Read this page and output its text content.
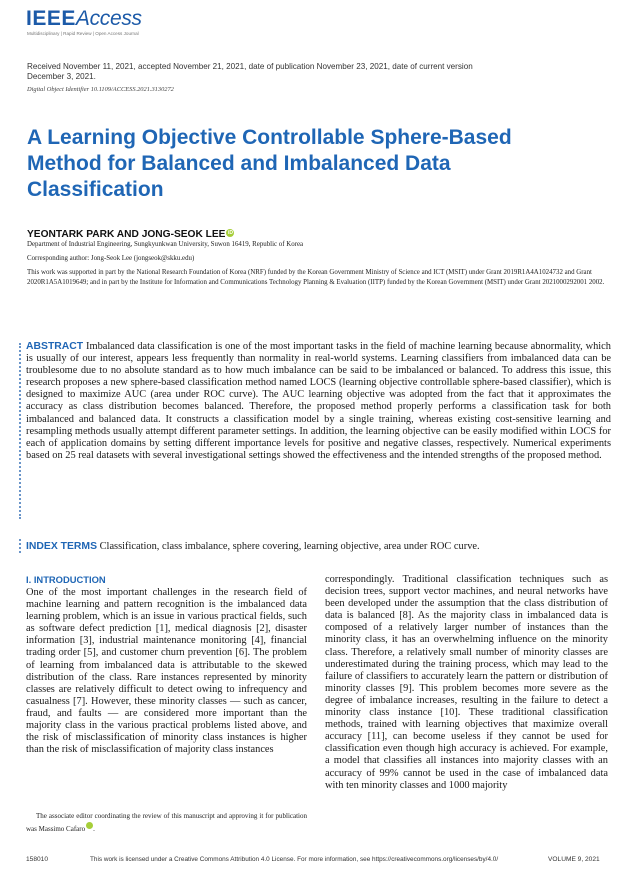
IEEEAccess
Multidisciplinary | Rapid Review | Open Access Journal
Received November 11, 2021, accepted November 21, 2021, date of publication November 23, 2021, date of current version December 3, 2021.
Digital Object Identifier 10.1109/ACCESS.2021.3130272
A Learning Objective Controllable Sphere-Based Method for Balanced and Imbalanced Data Classification
YEONTARK PARK AND JONG-SEOK LEE iD
Department of Industrial Engineering, Sungkyunkwan University, Suwon 16419, Republic of Korea
Corresponding author: Jong-Seok Lee (jongseok@skku.edu)
This work was supported in part by the National Research Foundation of Korea (NRF) funded by the Korean Government Ministry of Science and ICT (MSIT) under Grant 2019R1A4A1024732 and Grant 2020R1A5A1019649; and in part by the Institute for Information and Communications Technology Planning & Evaluation (IITP) funded by the Korean Government (MSIT) under Grant 2021000292001 2002.
ABSTRACT Imbalanced data classification is one of the most important tasks in the field of machine learning because abnormality, which is usually of our interest, appears less frequently than normality in real-world systems. Learning classifiers from imbalanced data can be troublesome due to no absolute standard as to how much imbalance can be said to be imbalanced or balanced. To address this issue, this research proposes a new sphere-based classification method named LOCS (learning objective controllable sphere-based classifier), which is designed to maximize AUC (area under ROC curve). The AUC learning objective was adopted from the fact that it approximates the accuracy as class distribution becomes balanced. Therefore, the proposed method properly performs a classification task for both imbalanced and balanced data. It constructs a classification model by a single training, whereas existing cost-sensitive learning and resampling methods usually attempt different parameter settings. In addition, the learning objective can be easily modified within LOCS for each of application domains by setting different importance levels for positive and negative classes, respectively. Numerical experiments based on 25 real datasets with several investigational settings showed the effectiveness and the intended strengths of the proposed method.
INDEX TERMS Classification, class imbalance, sphere covering, learning objective, area under ROC curve.
I. INTRODUCTION
One of the most important challenges in the research field of machine learning and pattern recognition is the imbalanced data learning problem, which is an issue in various practical fields, such as software defect prediction [1], medical diagnosis [2], disaster information [3], industrial maintenance monitoring [4], financial trading order [5], and customer churn prevention [6]. The problem of learning from imbalanced data is attributable to the skewed distribution of the class. Rare instances represented by minority classes are relatively difficult to detect owing to infrequency and casualness [7]. However, these minority classes — such as cancer, fraud, and faults — are considered more important than the majority class in the various practical problems listed above, and the risk of misclassification of minority class instances is higher than the risk of misclassification of majority class instances
correspondingly. Traditional classification techniques such as decision trees, support vector machines, and neural networks have been developed under the assumption that the class distribution of data is balanced [8]. As the majority class in imbalanced data is composed of a relatively larger number of instances than the minority class, it has an overwhelming influence on the minority class. Therefore, a relatively small number of minority classes are underestimated during the training process, which may lead to the failure of classifiers to accurately learn the pattern or distribution of minority classes [9]. This problem becomes more severe as the degree of imbalance increases, resulting in the failure to detect a minority class instance [10]. These traditional classification methods, trained with learning objectives that maximize overall accuracy [11], can become useless if they cannot be used for classification even though high accuracy is achieved. For example, a model that classifies all instances into majority classes with an accuracy of 99% cannot be used in the case of imbalanced data with ten minority classes and 1000 majority
The associate editor coordinating the review of this manuscript and approving it for publication was Massimo Cafaro .
158010	This work is licensed under a Creative Commons Attribution 4.0 License. For more information, see https://creativecommons.org/licenses/by/4.0/	VOLUME 9, 2021
